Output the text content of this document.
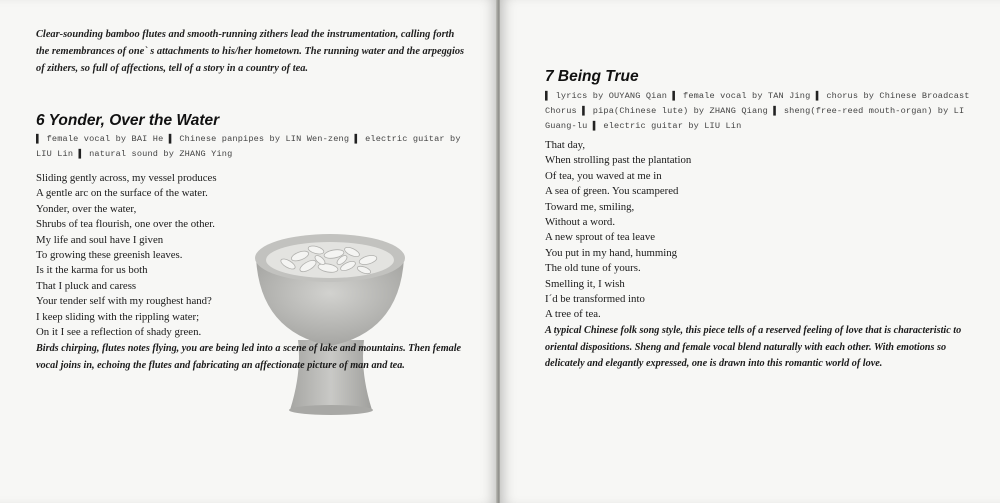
Clear-sounding bamboo flutes and smooth-running zithers lead the instrumentation, calling forth the remembrances of oneˋ s attachments to his/her hometown. The running water and the arpeggios of zithers, so full of affections, tell of a story in a country of tea.

6 Yonder, Over the Water

▌ female vocal by BAI He ▌ Chinese panpipes by LIN Wen-zeng ▌ electric guitar by LIU Lin ▌ natural sound by ZHANG Ying

Sliding gently across, my vessel produces
A gentle arc on the surface of the water.
Yonder, over the water,
Shrubs of tea flourish, one over the other.
My life and soul have I given
To growing these greenish leaves.
Is it the karma for us both
That I pluck and caress
Your tender self with my roughest hand?
I keep sliding with the rippling water;
On it I see a reflection of shady green.

Birds chirping, flutes notes flying, you are being led into a scene of lake and mountains. Then female vocal joins in, echoing the flutes and fabricating an affectionate picture of man and tea.

7 Being True

▌ lyrics by OUYANG Qian ▌ female vocal by TAN Jing ▌ chorus by Chinese Broadcast Chorus ▌ pipa(Chinese lute) by ZHANG Qiang ▌ sheng(free-reed mouth-organ) by LI Guang-lu ▌ electric guitar by LIU Lin

That day,
When strolling past the plantation
Of tea, you waved at me in
A sea of green. You scampered
Toward me, smiling,
Without a word.
A new sprout of tea leave
You put in my hand, humming
The old tune of yours.
Smelling it, I wish
I´d be transformed into
A tree of tea.

A typical Chinese folk song style, this piece tells of a reserved feeling of love that is characteristic to oriental dispositions. Sheng and female vocal blend naturally with each other. With emotions so delicately and elegantly expressed, one is drawn into this romantic world of love.
